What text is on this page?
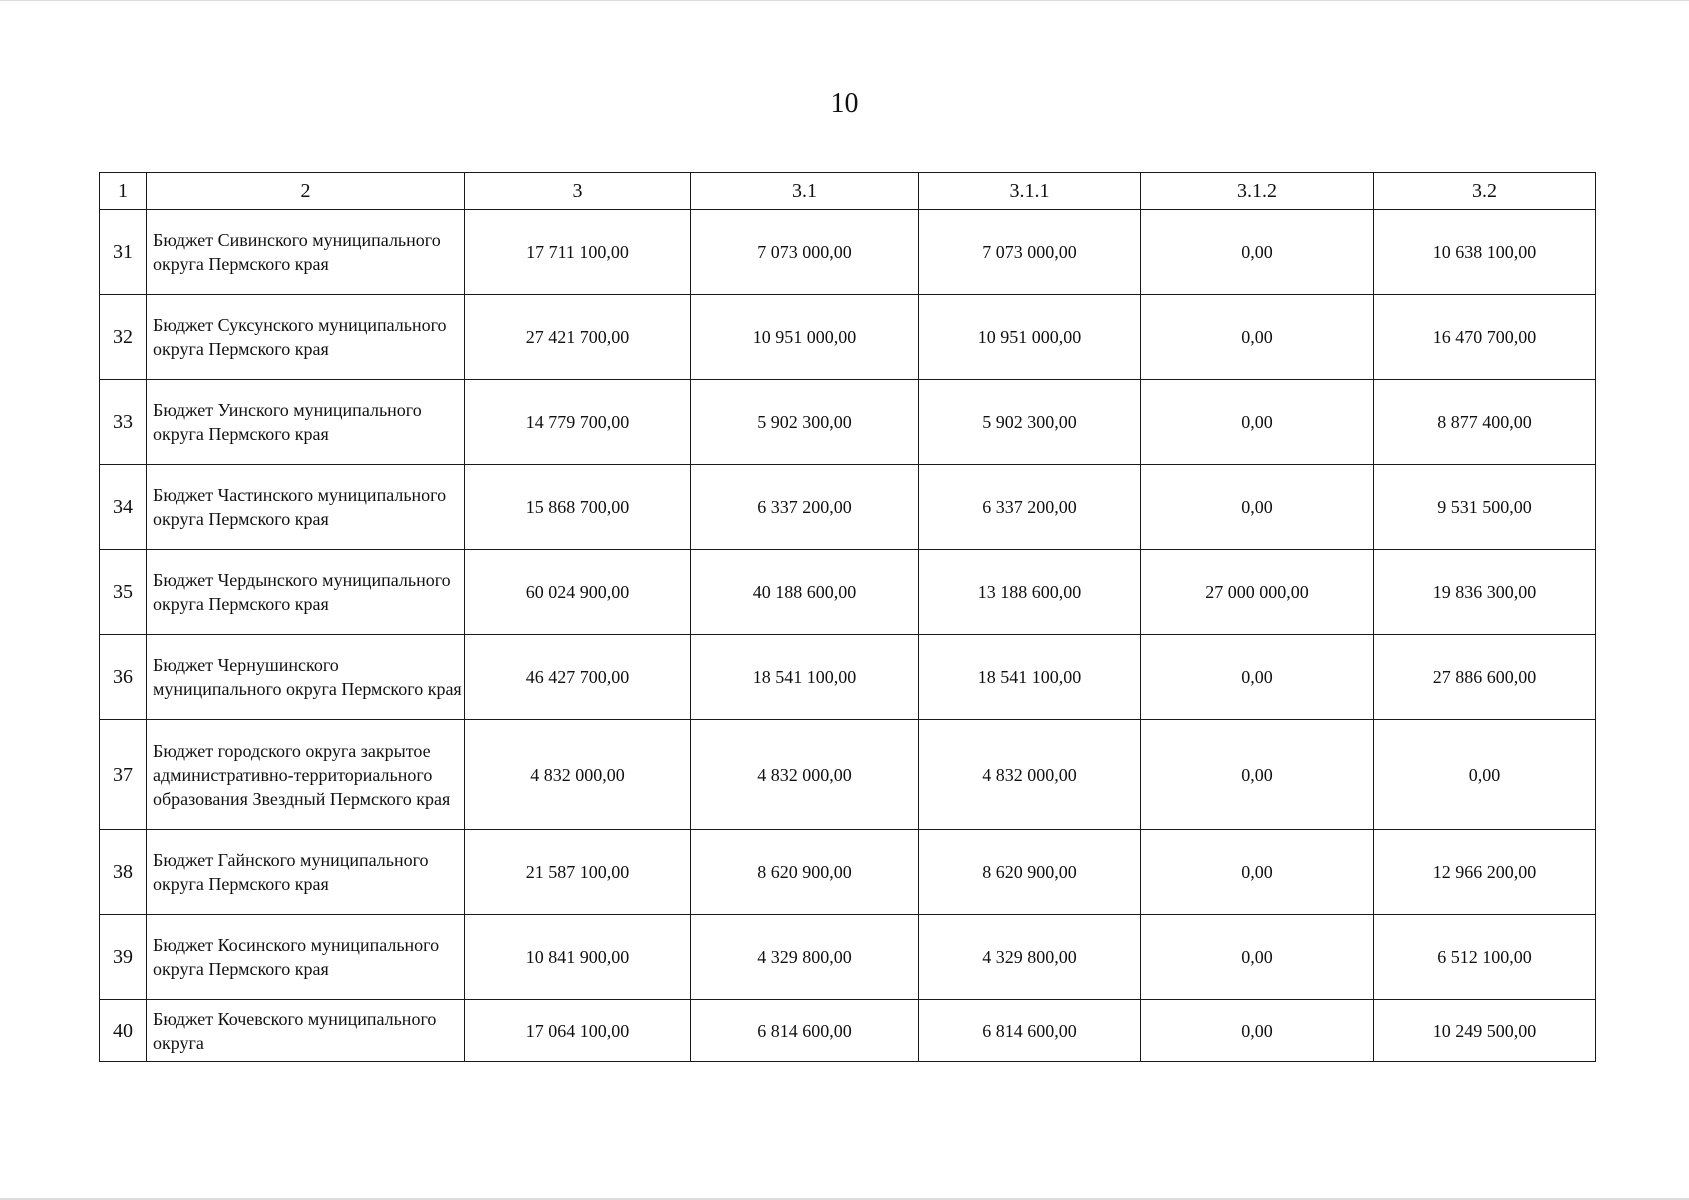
10
1	2	3	3.1	3.1.1	3.1.2	3.2
31	Бюджет Сивинского муниципального округа Пермского края	17 711 100,00	7 073 000,00	7 073 000,00	0,00	10 638 100,00
32	Бюджет Суксунского муниципального округа Пермского края	27 421 700,00	10 951 000,00	10 951 000,00	0,00	16 470 700,00
33	Бюджет Уинского муниципального округа Пермского края	14 779 700,00	5 902 300,00	5 902 300,00	0,00	8 877 400,00
34	Бюджет Частинского муниципального округа Пермского края	15 868 700,00	6 337 200,00	6 337 200,00	0,00	9 531 500,00
35	Бюджет Чердынского муниципального округа Пермского края	60 024 900,00	40 188 600,00	13 188 600,00	27 000 000,00	19 836 300,00
36	Бюджет Чернушинского муниципального округа Пермского края	46 427 700,00	18 541 100,00	18 541 100,00	0,00	27 886 600,00
37	Бюджет городского округа закрытое административно-территориального образования Звездный Пермского края	4 832 000,00	4 832 000,00	4 832 000,00	0,00	0,00
38	Бюджет Гайнского муниципального округа Пермского края	21 587 100,00	8 620 900,00	8 620 900,00	0,00	12 966 200,00
39	Бюджет Косинского муниципального округа Пермского края	10 841 900,00	4 329 800,00	4 329 800,00	0,00	6 512 100,00
40	Бюджет Кочевского муниципального округа	17 064 100,00	6 814 600,00	6 814 600,00	0,00	10 249 500,00
